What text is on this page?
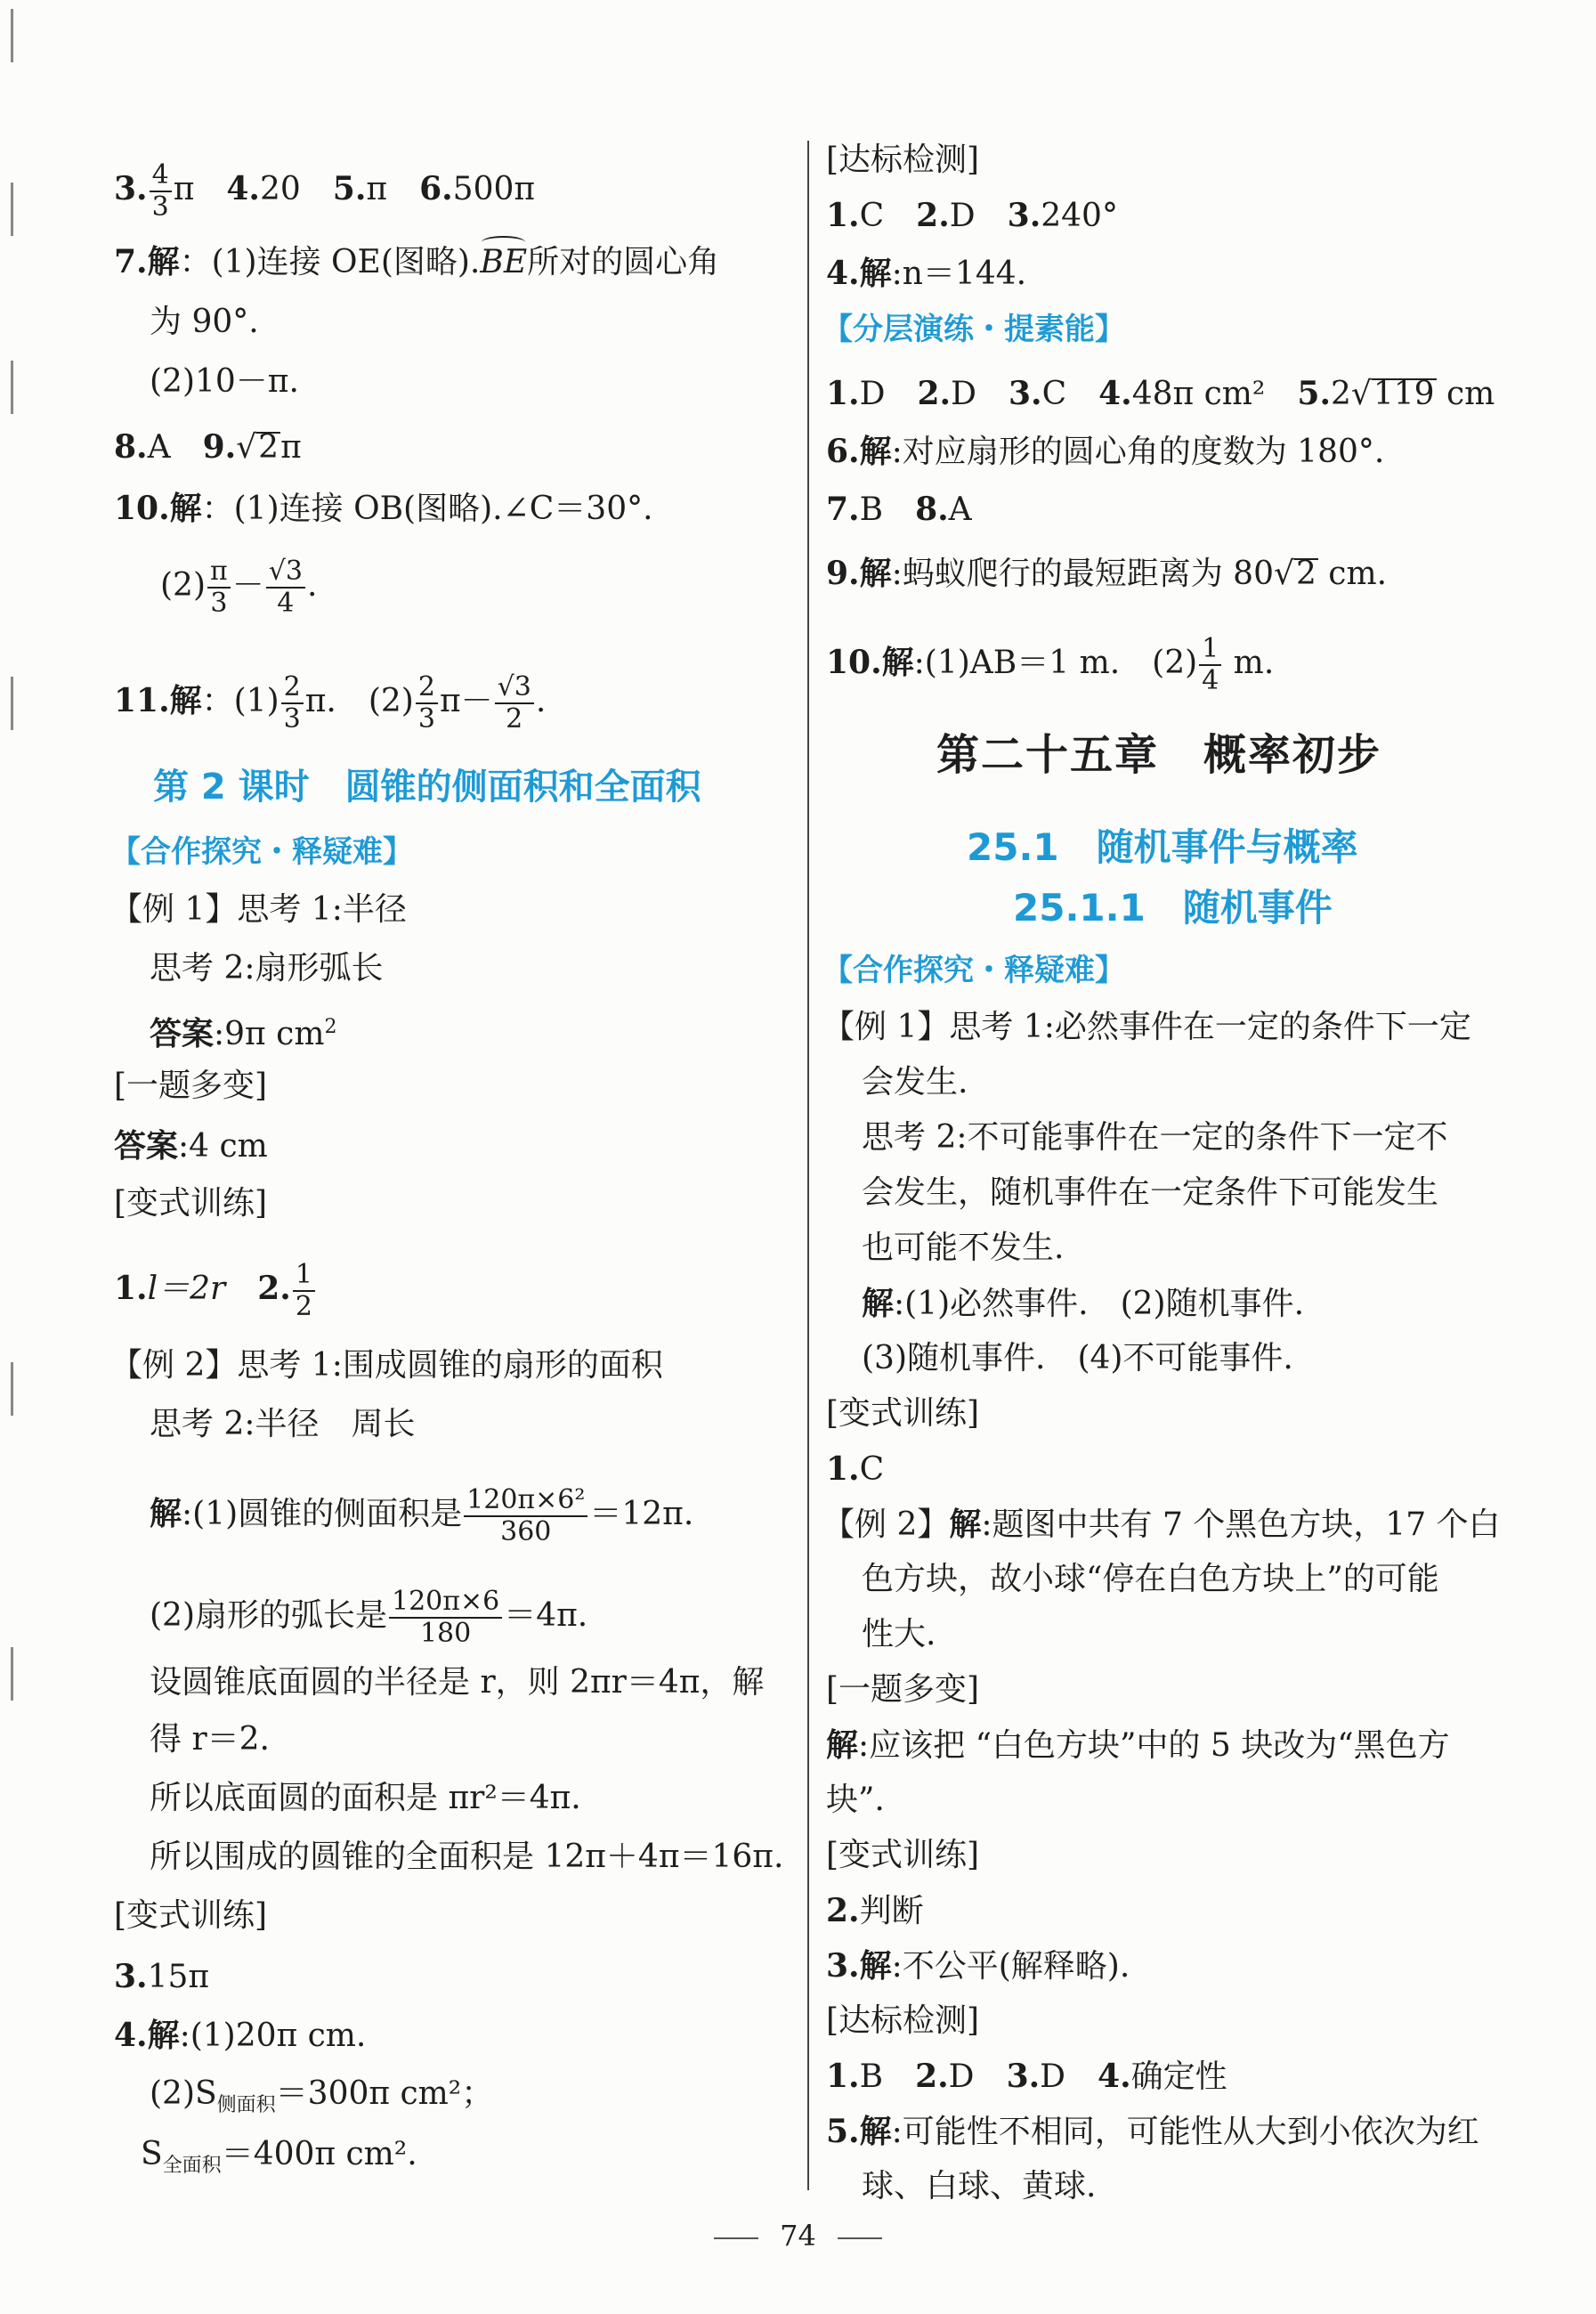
3. $\frac{4}{3}$ π　 4.20　 5.π　 6.500π
7.解：(1)连接 OE(图略).BE所对的圆心角
为 90°.
(2)10－π.
8.A　 9.√2π
10.解：(1)连接 OB(图略).∠C＝30°.
$(2) \frac{\pi}{3} - \frac{√3}{4}$ .
11.解：$(1) \frac{2}{3} \pi$.　$(2) \frac{2}{3} \pi- \frac{√3}{2}$ .
第 2 课时　圆锥的侧面积和全面积
【合作探究・释疑难】
【例 1】思考 1:半径
思考 2:扇形弧长
答案:9π $cm^2$
[一题多变]
答案:4 cm
[变式训练]
1.l＝2r　 2. $\frac{1}{2}$
【例 2】思考 1:围成圆锥的扇形的面积
思考 2:半径　周长
解:(1)圆锥的侧面积是 $\frac{\text{120π×6²}}{360} =12\pi$.
(2)扇形的弧长是 $\frac{120\pi\times 6}{180} =4\pi$.
设圆锥底面圆的半径是 r，则 2πr＝4π，解
得 r＝2.
所以底面圆的面积是 πr²＝4π.
所以围成的圆锥的全面积是 12π＋4π＝16π.
[变式训练]
3.15π
4.解:(1)20π cm.
$(2)S_{侧面积}=300\pi$ cm²；
$S_{全面积}=400\pi$ cm².
[达标检测]
1.C　 2.D　 3.240°
4.解:n＝144.
【分层演练・提素能】
1.D　 2.D　 3.C　 4.48π cm²　 5.2√119 cm
6.解:对应扇形的圆心角的度数为 180°.
7.B　 8.A
9.解:蚂蚁爬行的最短距离为 80√2 cm.
10.解:(1)AB＝1 m.　$(2) \frac{1}{4} m$.
第二十五章　概率初步
25.1　随机事件与概率
25.1.1　随机事件
【合作探究・释疑难】
【例 1】思考 1:必然事件在一定的条件下一定
会发生.
思考 2:不可能事件在一定的条件下一定不
会发生，随机事件在一定条件下可能发生
也可能不发生.
解:(1)必然事件.　(2)随机事件.
(3)随机事件.　(4)不可能事件.
[变式训练]
1.C
【例 2】解:题图中共有 7 个黑色方块，17 个白
色方块，故小球“停在白色方块上”的可能
性大.
[一题多变]
解:应该把 “白色方块”中的 5 块改为“黑色方
块”.
[变式训练]
2.判断
3.解:不公平(解释略).
[达标检测]
1.B　 2.D　 3.D　 4.确定性
5.解:可能性不相同，可能性从大到小依次为红
球、白球、黄球.
74
